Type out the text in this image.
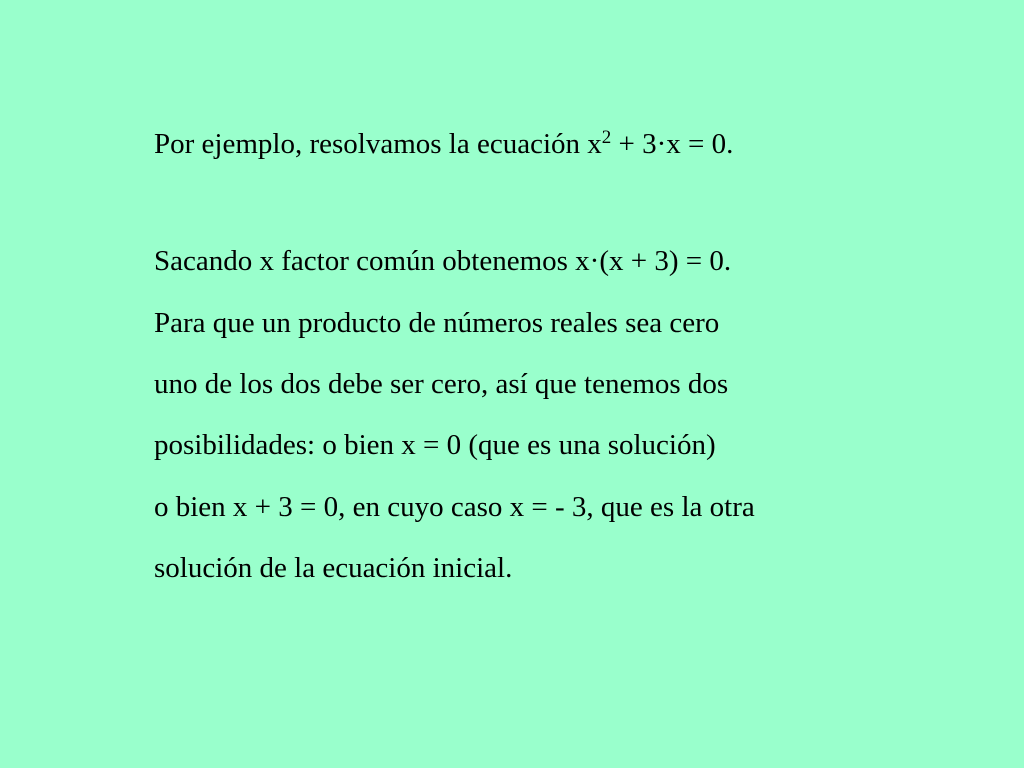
Por ejemplo, resolvamos la ecuación $x^2 + 3\cdot x = 0$.
Sacando x factor común obtenemos x·(x + 3) = 0.
Para que un producto de números reales sea cero
uno de los dos debe ser cero, así que tenemos dos
posibilidades: o bien x = 0 (que es una solución)
o bien x + 3 = 0, en cuyo caso x = - 3, que es la otra
solución de la ecuación inicial.
